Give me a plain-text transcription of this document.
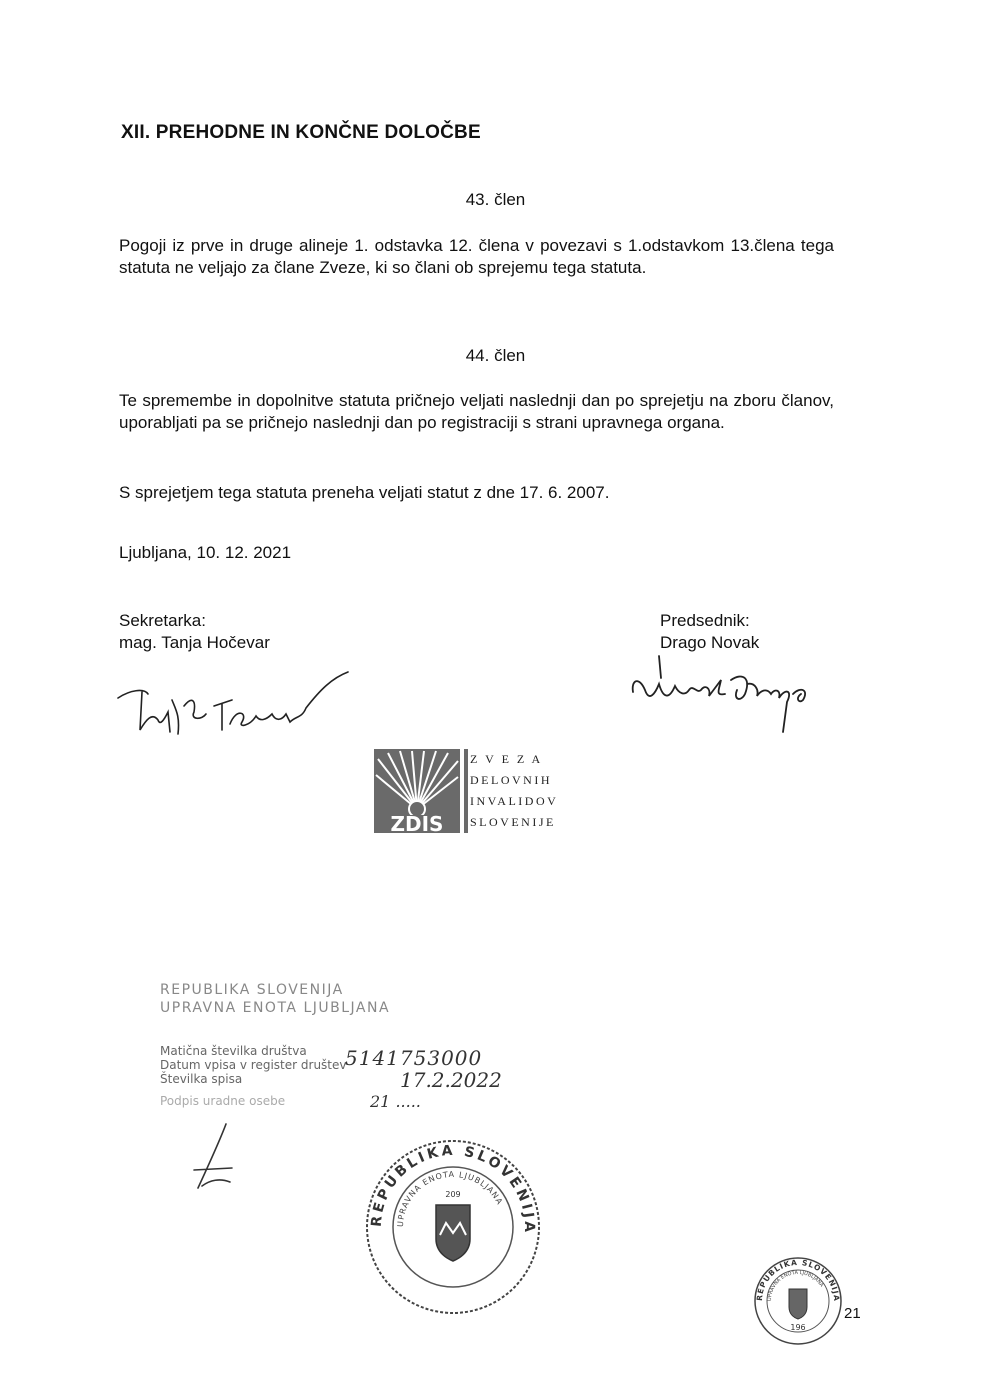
XII. PREHODNE IN KONČNE DOLOČBE
43. člen
Pogoji iz prve in druge alineje 1. odstavka 12. člena v povezavi s 1.odstavkom 13.člena tega statuta ne veljajo za člane Zveze, ki so člani ob sprejemu tega statuta.
44. člen
Te spremembe in dopolnitve statuta pričnejo veljati naslednji dan po sprejetju na zboru članov, uporabljati pa se pričnejo naslednji dan po registraciji s strani upravnega organa.
S sprejetjem tega statuta preneha veljati statut z dne 17. 6. 2007.
Ljubljana, 10. 12. 2021
Sekretarka:
mag. Tanja Hočevar
Predsednik:
Drago Novak
ZDIS
Z V E Z A
DELOVNIH
INVALIDOV
SLOVENIJE
REPUBLIKA SLOVENIJA
UPRAVNA ENOTA LJUBLJANA
Matična številka društva
Datum vpisa v register društev
Številka spisa
Podpis uradne osebe
5141753000
17.2.2022
21 .....
REPUBLIKA SLOVENIJA
UPRAVNA ENOTA LJUBLJANA
209
REPUBLIKA SLOVENIJA
UPRAVNA ENOTA LJUBLJANA
196
21
